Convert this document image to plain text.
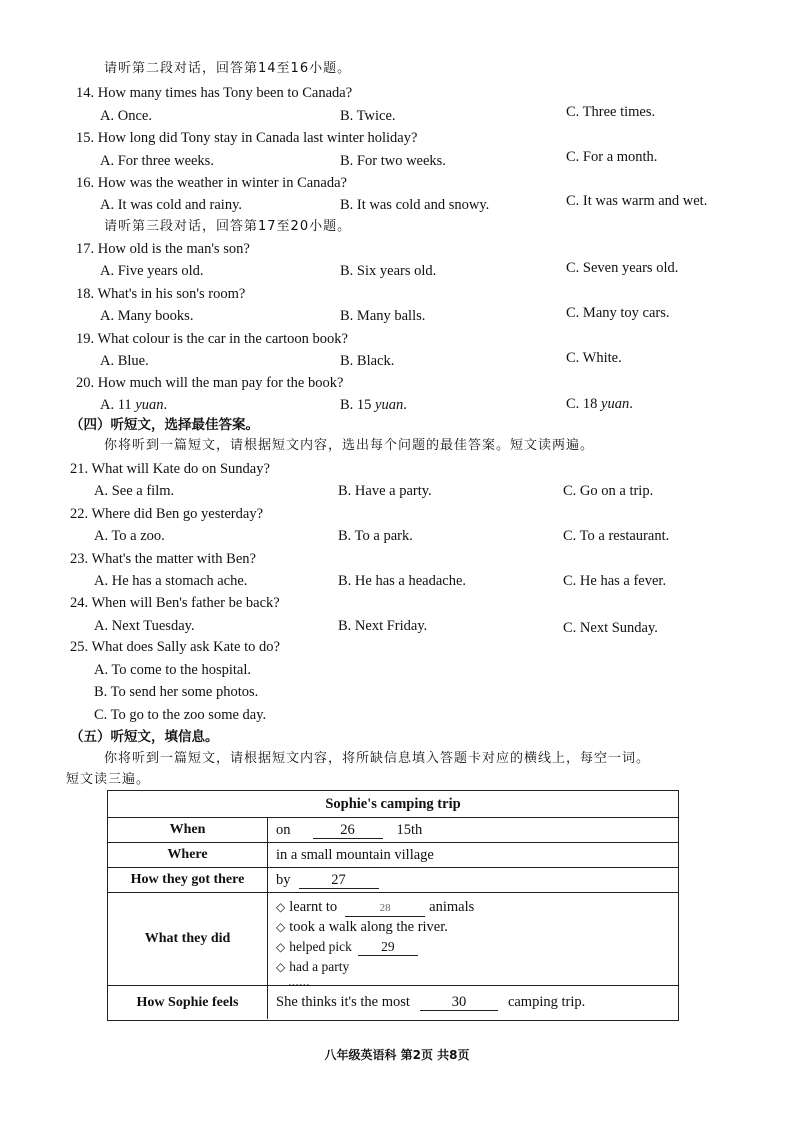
请听第二段对话，回答第14至16小题。
14. How many times has Tony been to Canada?
A. Once.	B. Twice.	C. Three times.
15. How long did Tony stay in Canada last winter holiday?
A. For three weeks.	B. For two weeks.	C. For a month.
16. How was the weather in winter in Canada?
A. It was cold and rainy.	B. It was cold and snowy.	C. It was warm and wet.
请听第三段对话，回答第17至20小题。
17. How old is the man's son?
A. Five years old.	B. Six years old.	C. Seven years old.
18. What's in his son's room?
A. Many books.	B. Many balls.	C. Many toy cars.
19. What colour is the car in the cartoon book?
A. Blue.	B. Black.	C. White.
20. How much will the man pay for the book?
A. 11 yuan.	B. 15 yuan.	C. 18 yuan.
（四）听短文，选择最佳答案。
你将听到一篇短文，请根据短文内容，选出每个问题的最佳答案。短文读两遍。
21. What will Kate do on Sunday?
A. See a film.	B. Have a party.	C. Go on a trip.
22. Where did Ben go yesterday?
A. To a zoo.	B. To a park.	C. To a restaurant.
23. What's the matter with Ben?
A. He has a stomach ache.	B. He has a headache.	C. He has a fever.
24. When will Ben's father be back?
A. Next Tuesday.	B. Next Friday.	C. Next Sunday.
25. What does Sally ask Kate to do?
A. To come to the hospital.
B. To send her some photos.
C. To go to the zoo some day.
（五）听短文，填信息。
你将听到一篇短文，请根据短文内容，将所缺信息填入答题卡对应的横线上，每空一词。
短文读三遍。
Sophie's camping trip
When	on	26	15th
Where	in a small mountain village
How they got there	by	27
What they did
◇ learnt to	28	animals
◇ took a walk along the river.
◇ helped pick 29
◇ had a party
......
How Sophie feels	She thinks it's the most	30	camping trip.
八年级英语科 第2页 共8页
